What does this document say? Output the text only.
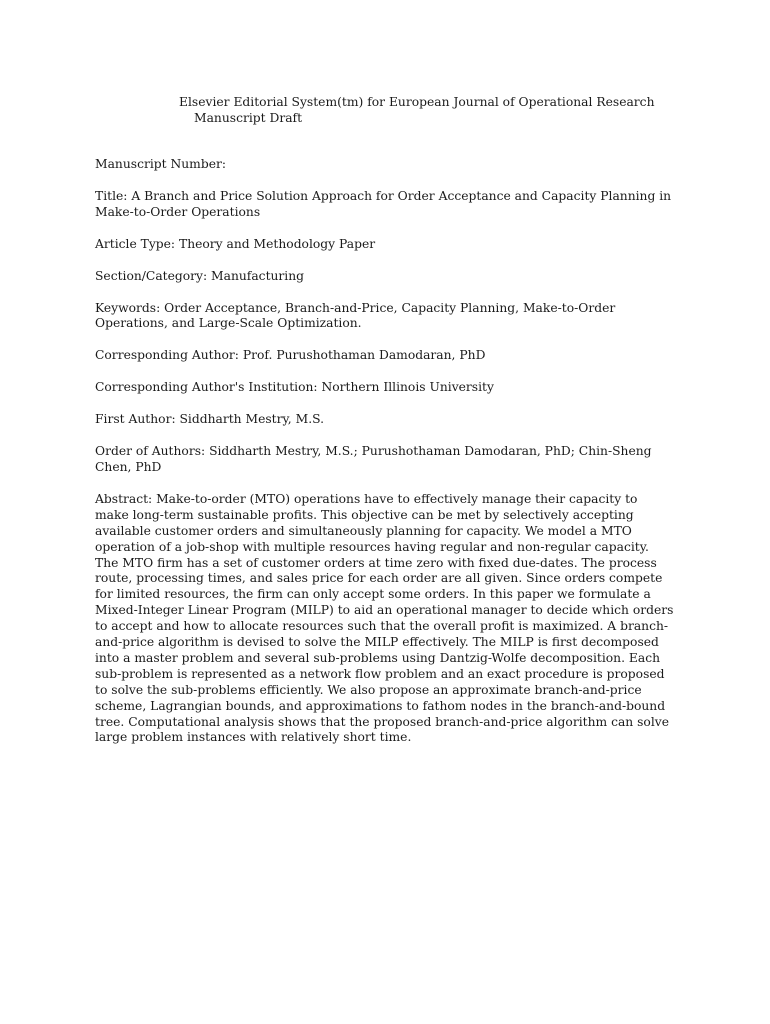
Elsevier Editorial System(tm) for European Journal of Operational Research
Manuscript Draft

Manuscript Number:

Title: A Branch and Price Solution Approach for Order Acceptance and Capacity Planning in Make-to-Order Operations

Article Type: Theory and Methodology Paper

Section/Category: Manufacturing

Keywords: Order Acceptance, Branch-and-Price, Capacity Planning, Make-to-Order Operations, and Large-Scale Optimization.

Corresponding Author: Prof. Purushothaman Damodaran, PhD

Corresponding Author's Institution: Northern Illinois University

First Author: Siddharth Mestry, M.S.

Order of Authors: Siddharth Mestry, M.S.; Purushothaman Damodaran, PhD; Chin-Sheng Chen, PhD

Abstract: Make-to-order (MTO) operations have to effectively manage their capacity to make long-term sustainable profits. This objective can be met by selectively accepting available customer orders and simultaneously planning for capacity. We model a MTO operation of a job-shop with multiple resources having regular and non-regular capacity. The MTO firm has a set of customer orders at time zero with fixed due-dates. The process route, processing times, and sales price for each order are all given. Since orders compete for limited resources, the firm can only accept some orders. In this paper we formulate a Mixed-Integer Linear Program (MILP) to aid an operational manager to decide which orders to accept and how to allocate resources such that the overall profit is maximized. A branch-and-price algorithm is devised to solve the MILP effectively. The MILP is first decomposed into a master problem and several sub-problems using Dantzig-Wolfe decomposition. Each sub-problem is represented as a network flow problem and an exact procedure is proposed to solve the sub-problems efficiently. We also propose an approximate branch-and-price scheme, Lagrangian bounds, and approximations to fathom nodes in the branch-and-bound tree. Computational analysis shows that the proposed branch-and-price algorithm can solve large problem instances with relatively short time.
